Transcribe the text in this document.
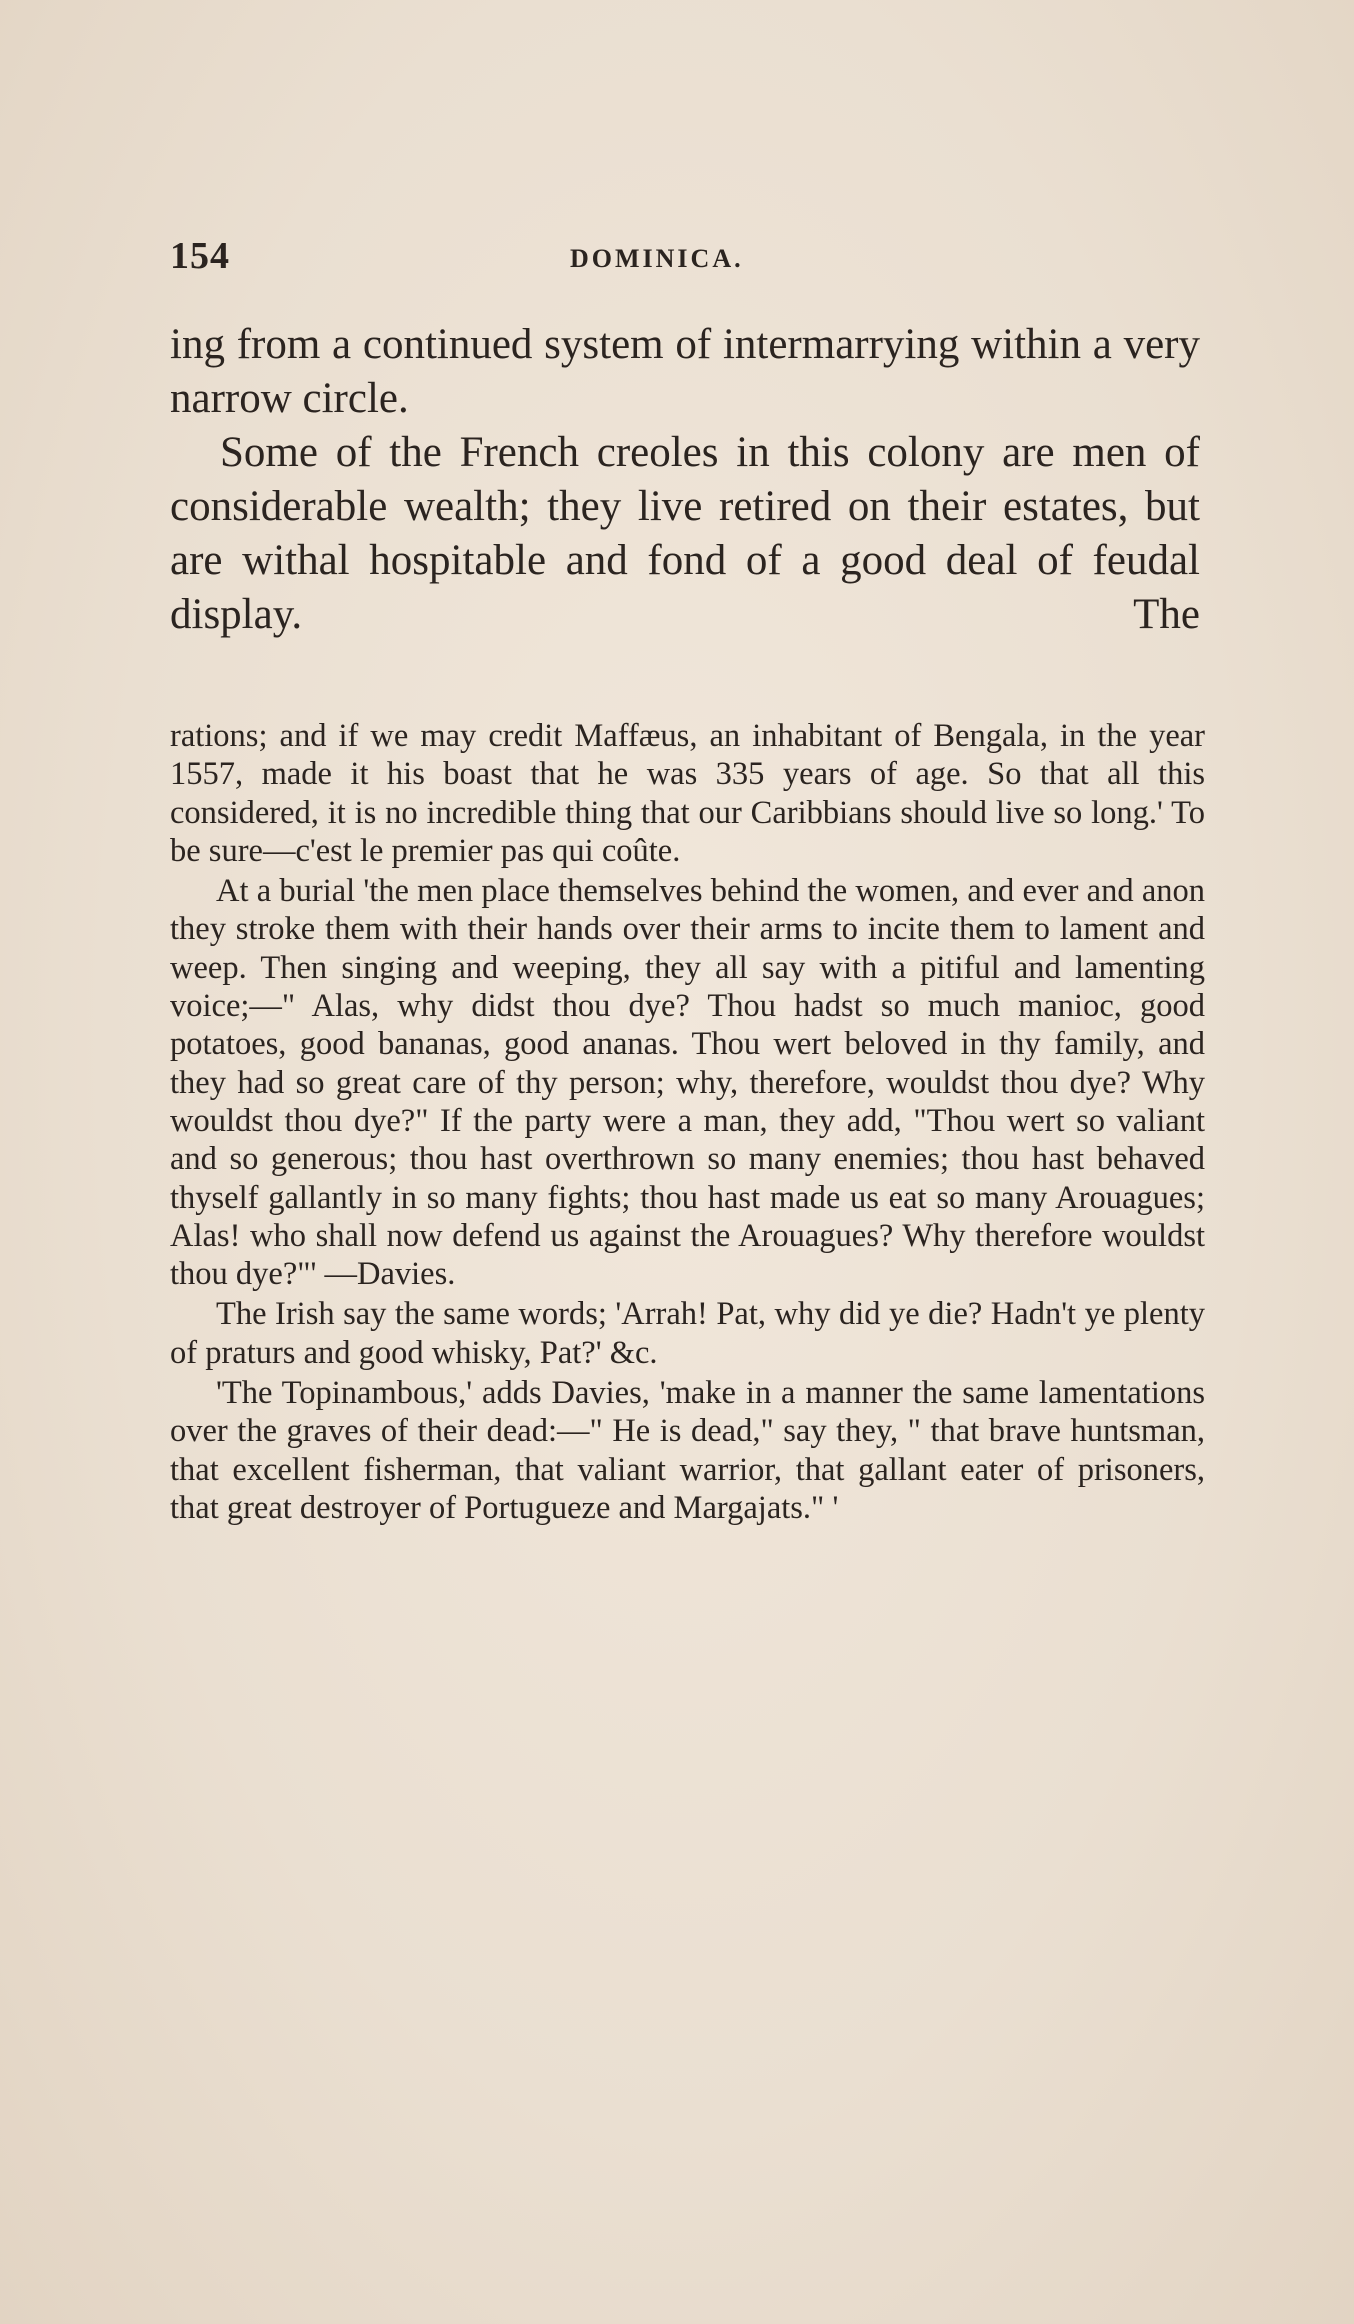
154	DOMINICA.

ing from a continued system of intermarrying within a very narrow circle.

Some of the French creoles in this colony are men of considerable wealth; they live retired on their estates, but are withal hospitable and fond of a good deal of feudal display. The

rations; and if we may credit Maffæus, an inhabitant of Bengala, in the year 1557, made it his boast that he was 335 years of age. So that all this considered, it is no incredible thing that our Caribbians should live so long.' To be sure—c'est le premier pas qui coûte.

At a burial 'the men place themselves behind the women, and ever and anon they stroke them with their hands over their arms to incite them to lament and weep. Then singing and weeping, they all say with a pitiful and lamenting voice;—" Alas, why didst thou dye? Thou hadst so much manioc, good potatoes, good bananas, good ananas. Thou wert beloved in thy family, and they had so great care of thy person; why, therefore, wouldst thou dye? Why wouldst thou dye?" If the party were a man, they add, "Thou wert so valiant and so generous; thou hast overthrown so many enemies; thou hast behaved thyself gallantly in so many fights; thou hast made us eat so many Arouagues; Alas! who shall now defend us against the Arouagues? Why therefore wouldst thou dye?"' —Davies.

The Irish say the same words; 'Arrah! Pat, why did ye die? Hadn't ye plenty of praturs and good whisky, Pat?' &c.

'The Topinambous,' adds Davies, 'make in a manner the same lamentations over the graves of their dead:—" He is dead," say they, " that brave huntsman, that excellent fisherman, that valiant warrior, that gallant eater of prisoners, that great destroyer of Portugueze and Margajats." '
